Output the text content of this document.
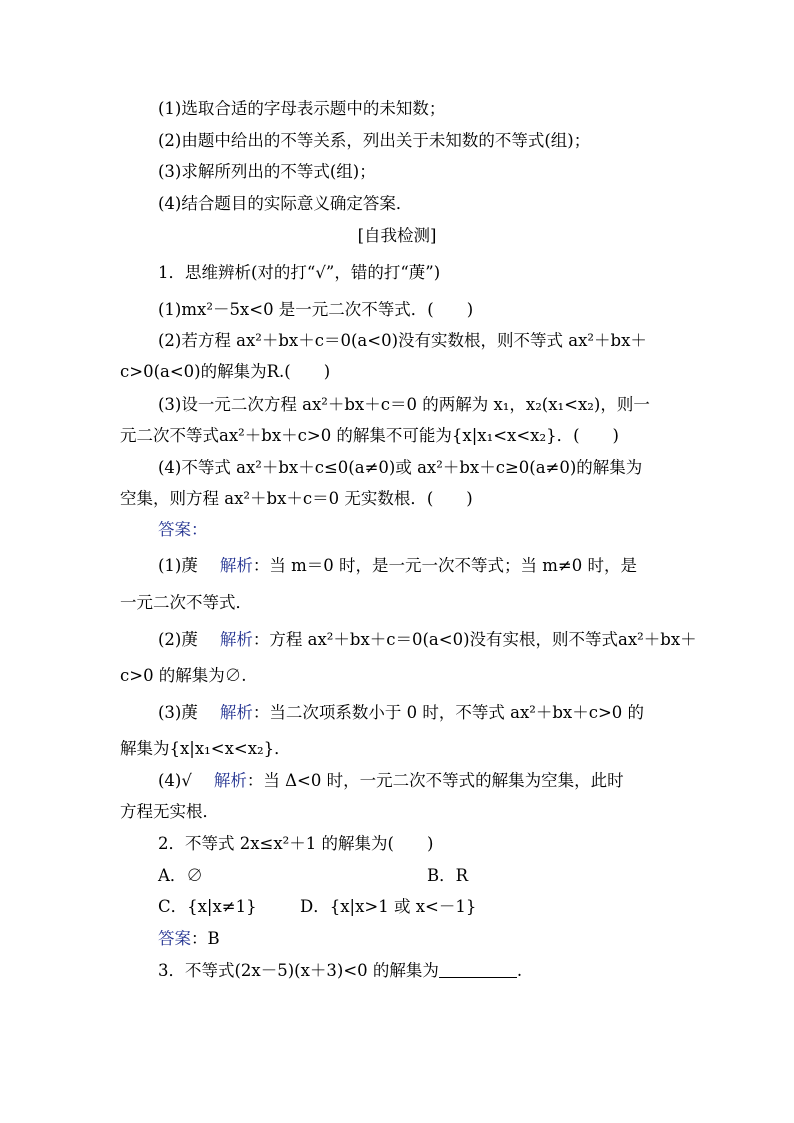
(1)选取合适的字母表示题中的未知数；
(2)由题中给出的不等关系，列出关于未知数的不等式(组)；
(3)求解所列出的不等式(组)；
(4)结合题目的实际意义确定答案．
[自我检测]
1．思维辨析(对的打“√”，错的打“菮”)
(1)mx²－5x<0 是一元二次不等式．(　　)
(2)若方程 ax²＋bx＋c＝0(a<0)没有实数根，则不等式 ax²＋bx＋
c>0(a<0)的解集为R.(　　)
(3)设一元二次方程 ax²＋bx＋c＝0 的两解为 x₁，x₂(x₁<x₂)，则一
元二次不等式ax²＋bx＋c>0 的解集不可能为{x|x₁<x<x₂}．(　　)
(4)不等式 ax²＋bx＋c≤0(a≠0)或 ax²＋bx＋c≥0(a≠0)的解集为
空集，则方程 ax²＋bx＋c＝0 无实数根．(　　)
答案：
(1)菮 解析：当 m＝0 时，是一元一次不等式；当 m≠0 时，是
一元二次不等式．
(2)菮 解析：方程 ax²＋bx＋c＝0(a<0)没有实根，则不等式ax²＋bx＋
c>0 的解集为∅.
(3)菮 解析：当二次项系数小于 0 时，不等式 ax²＋bx＋c>0 的
解集为{x|x₁<x<x₂}．
(4)√ 解析：当 Δ<0 时，一元二次不等式的解集为空集，此时
方程无实根．
2．不等式 2x≤x²＋1 的解集为(　　)
A．∅	B．R
C．{x|x≠1}	D．{x|x>1 或 x<－1}
答案：B
3．不等式(2x－5)(x＋3)<0 的解集为	.
